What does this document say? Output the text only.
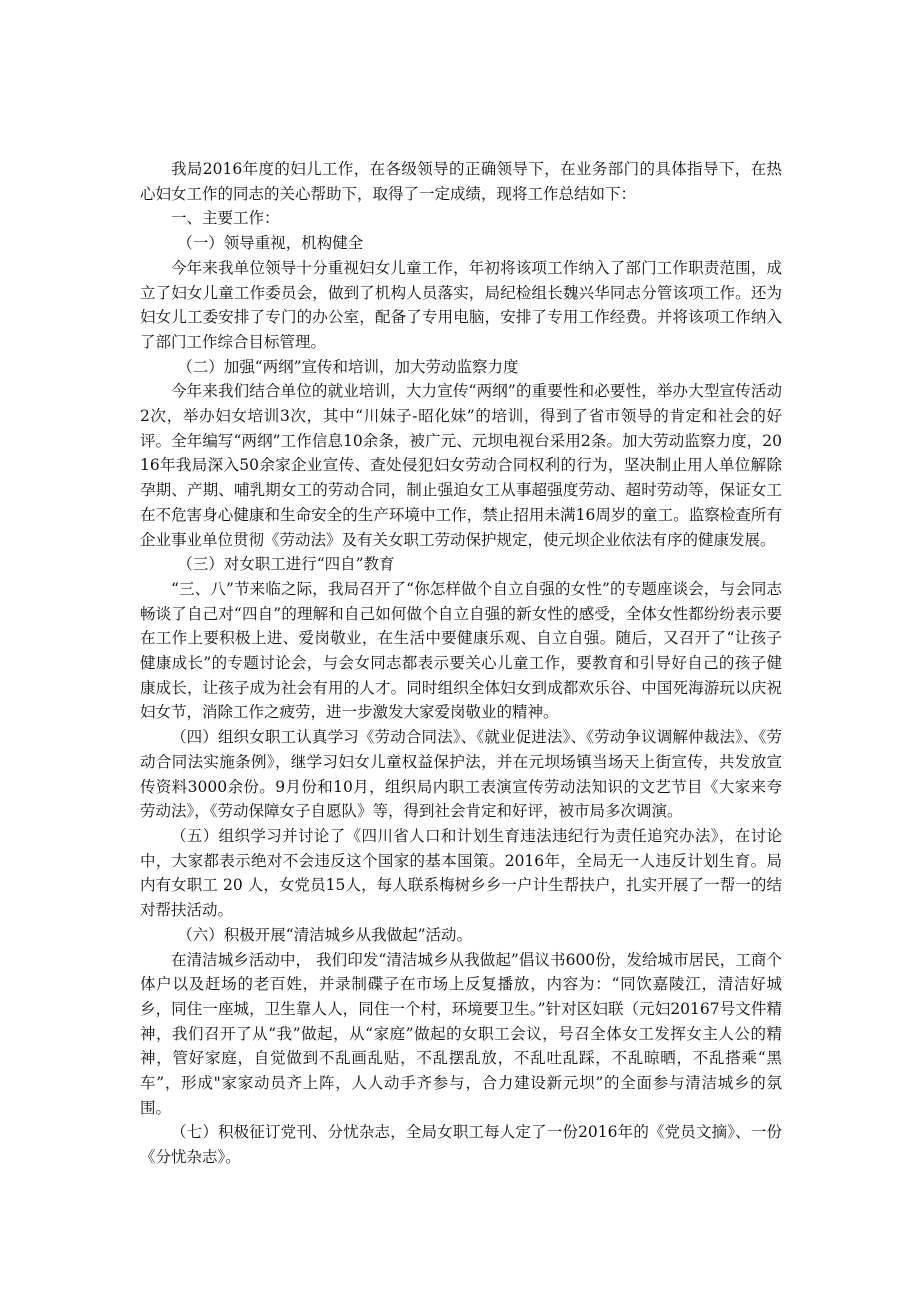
我局2016年度的妇儿工作，在各级领导的正确领导下，在业务部门的具体指导下，在热心妇女工作的同志的关心帮助下，取得了一定成绩，现将工作总结如下：

一、主要工作：

（一）领导重视，机构健全

今年来我单位领导十分重视妇女儿童工作，年初将该项工作纳入了部门工作职责范围，成立了妇女儿童工作委员会，做到了机构人员落实，局纪检组长魏兴华同志分管该项工作。还为妇女儿工委安排了专门的办公室，配备了专用电脑，安排了专用工作经费。并将该项工作纳入了部门工作综合目标管理。

（二）加强“两纲”宣传和培训，加大劳动监察力度

今年来我们结合单位的就业培训，大力宣传“两纲”的重要性和必要性，举办大型宣传活动2次，举办妇女培训3次，其中“川妹子-昭化妹”的培训，得到了省市领导的肯定和社会的好评。全年编写“两纲”工作信息10余条，被广元、元坝电视台采用2条。加大劳动监察力度，2016年我局深入50余家企业宣传、查处侵犯妇女劳动合同权利的行为，坚决制止用人单位解除孕期、产期、哺乳期女工的劳动合同，制止强迫女工从事超强度劳动、超时劳动等，保证女工在不危害身心健康和生命安全的生产环境中工作，禁止招用未满16周岁的童工。监察检查所有企业事业单位贯彻《劳动法》及有关女职工劳动保护规定，使元坝企业依法有序的健康发展。

（三）对女职工进行“四自”教育

“三、八”节来临之际，我局召开了“你怎样做个自立自强的女性”的专题座谈会，与会同志畅谈了自己对“四自”的理解和自己如何做个自立自强的新女性的感受，全体女性都纷纷表示要在工作上要积极上进、爱岗敬业，在生活中要健康乐观、自立自强。随后，又召开了“让孩子健康成长”的专题讨论会，与会女同志都表示要关心儿童工作，要教育和引导好自己的孩子健康成长，让孩子成为社会有用的人才。同时组织全体妇女到成都欢乐谷、中国死海游玩以庆祝妇女节，消除工作之疲劳，进一步激发大家爱岗敬业的精神。

（四）组织女职工认真学习《劳动合同法》、《就业促进法》、《劳动争议调解仲裁法》、《劳动合同法实施条例》，继学习妇女儿童权益保护法，并在元坝场镇当场天上街宣传，共发放宣传资料3000余份。9月份和10月，组织局内职工表演宣传劳动法知识的文艺节目《大家来夸劳动法》，《劳动保障女子自愿队》等，得到社会肯定和好评，被市局多次调演。

（五）组织学习并讨论了《四川省人口和计划生育违法违纪行为责任追究办法》，在讨论中，大家都表示绝对不会违反这个国家的基本国策。2016年，全局无一人违反计划生育。局内有女职工 20 人，女党员15人，每人联系梅树乡乡一户计生帮扶户，扎实开展了一帮一的结对帮扶活动。

（六）积极开展“清洁城乡从我做起”活动。

在清洁城乡活动中， 我们印发“清洁城乡从我做起”倡议书600份，发给城市居民，工商个体户以及赶场的老百姓，并录制碟子在市场上反复播放，内容为：“同饮嘉陵江，清洁好城乡，同住一座城，卫生靠人人，同住一个村，环境要卫生。”针对区妇联（元妇20167号文件精神，我们召开了从“我”做起，从“家庭”做起的女职工会议，号召全体女工发挥女主人公的精神，管好家庭，自觉做到不乱画乱贴，不乱摆乱放，不乱吐乱踩，不乱晾晒，不乱搭乘“黑车”，形成"家家动员齐上阵，人人动手齐参与，合力建设新元坝”的全面参与清洁城乡的氛围。

（七）积极征订党刊、分忧杂志，全局女职工每人定了一份2016年的《党员文摘》、一份《分忧杂志》。
